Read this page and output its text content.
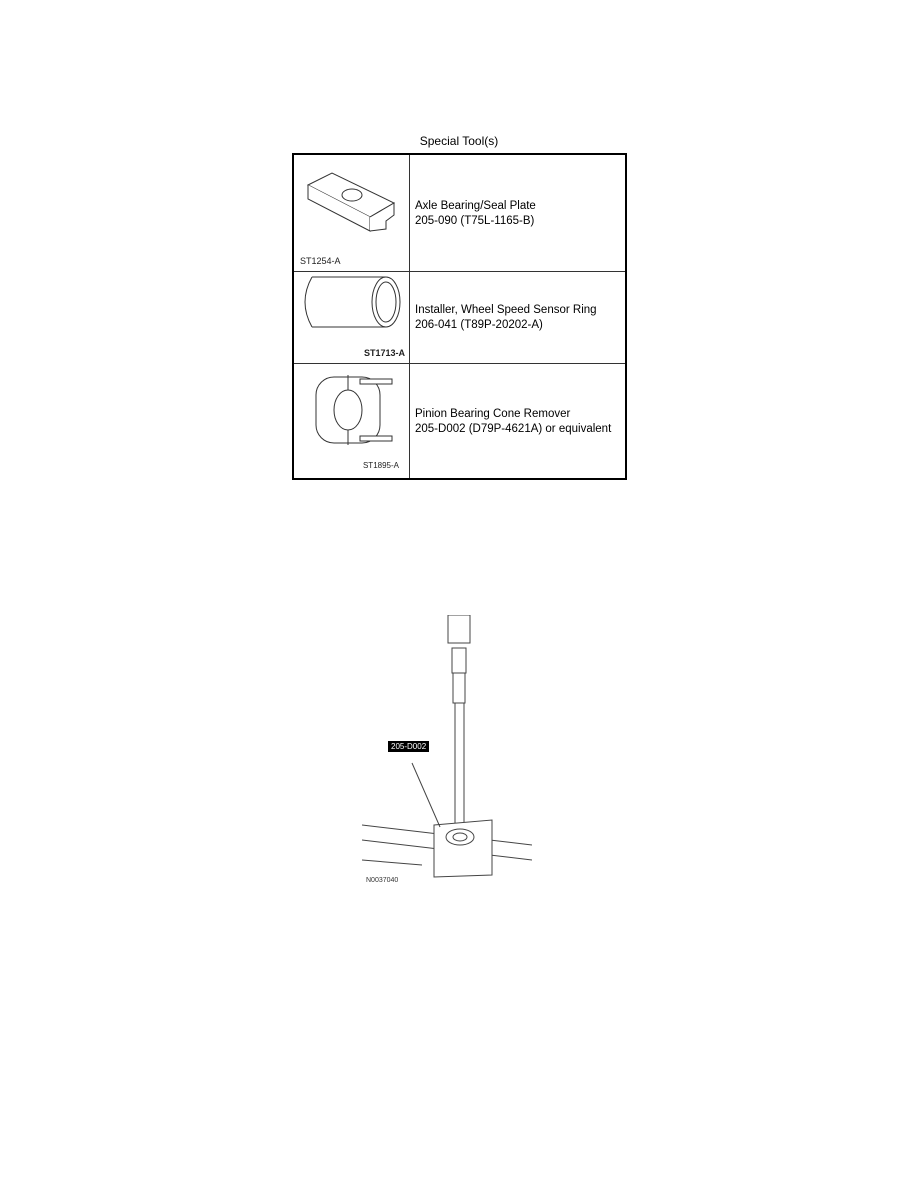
Special Tool(s)
ST1254-A
Axle Bearing/Seal Plate
205-090 (T75L-1165-B)
ST1713-A
Installer, Wheel Speed Sensor Ring
206-041 (T89P-20202-A)
ST1895-A
Pinion Bearing Cone Remover
205-D002 (D79P-4621A) or equivalent
205-D002
N0037040
